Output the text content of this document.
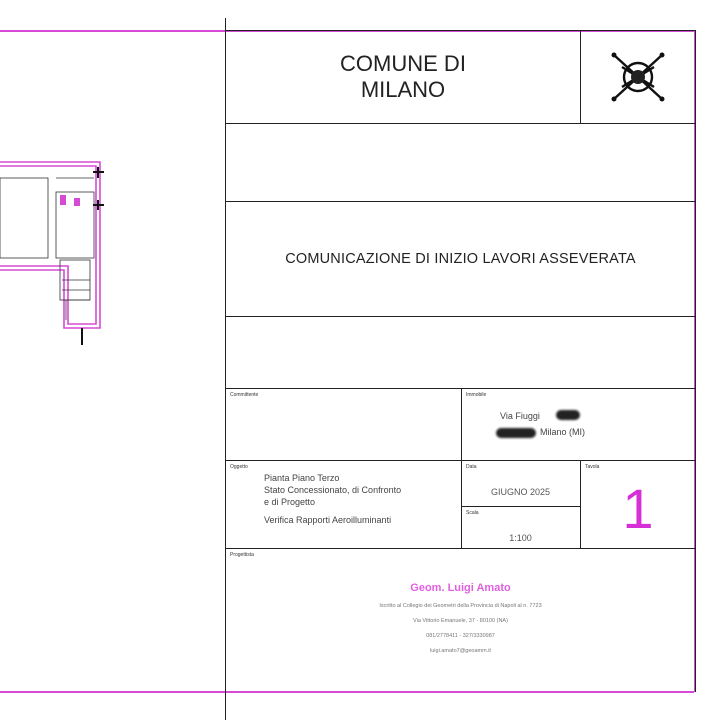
COMUNE DI
MILANO
COMUNICAZIONE DI INIZIO LAVORI ASSEVERATA
Committente	Immobile
Via Fiuggi
Milano (MI)
Oggetto
Pianta Piano Terzo
Stato Concessionato, di Confronto
e di Progetto
Verifica Rapporti Aeroilluminanti
Data
GIUGNO 2025
Scala
1:100
Tavola
1
Progettista
Geom. Luigi Amato
Iscritto al Collegio dei Geometri della Provincia di Napoli al n. 7723
Via Vittorio Emanuele, 37 - 80100 (NA)
081/2778411 - 327/3330987
luigi.amato7@geoamm.it
